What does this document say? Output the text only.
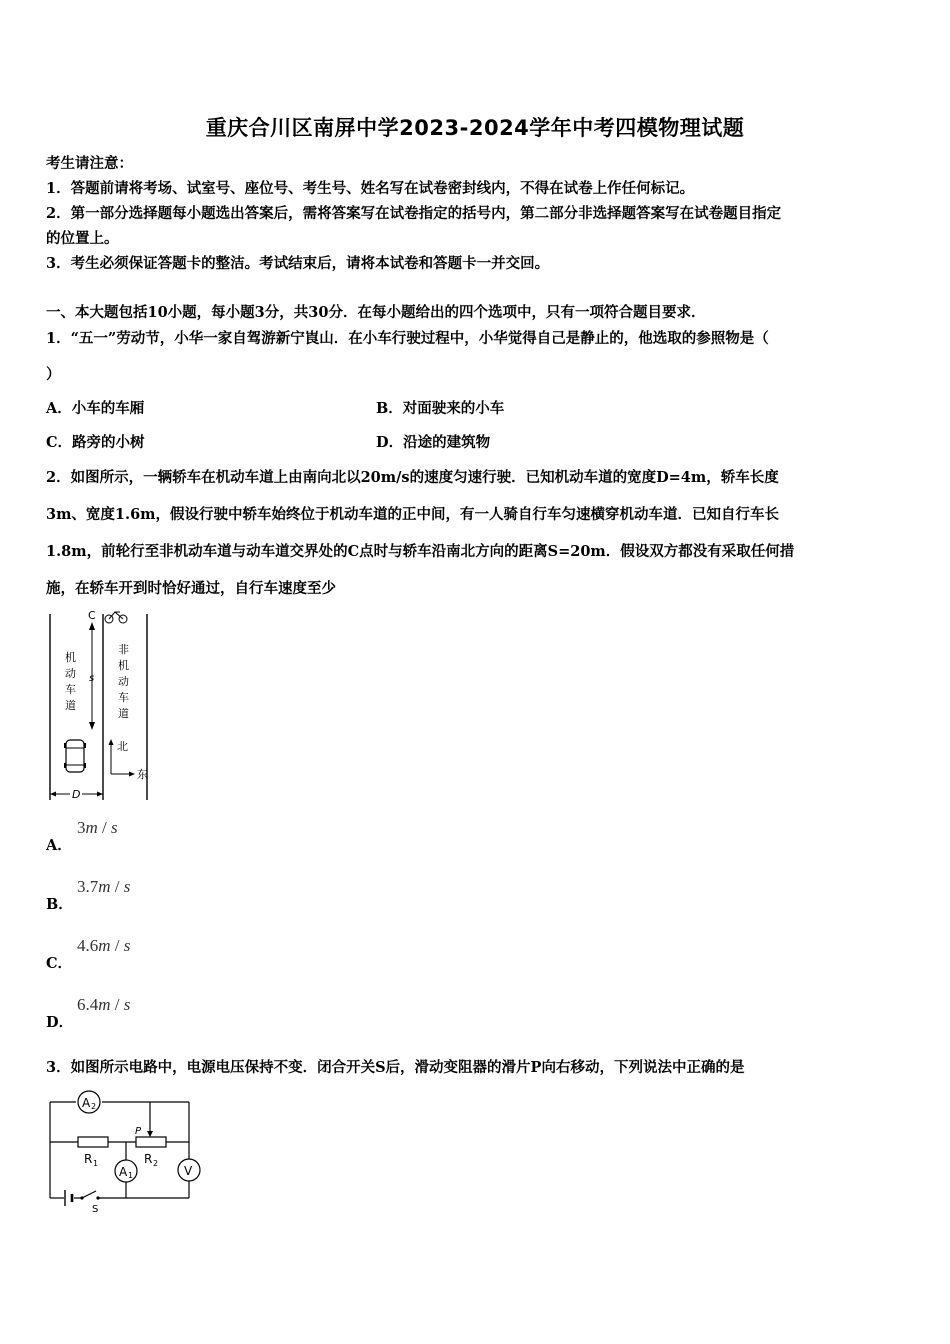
重庆合川区南屏中学2023-2024学年中考四模物理试题
考生请注意：
1．答题前请将考场、试室号、座位号、考生号、姓名写在试卷密封线内，不得在试卷上作任何标记。
2．第一部分选择题每小题选出答案后，需将答案写在试卷指定的括号内，第二部分非选择题答案写在试卷题目指定
的位置上。
3．考生必须保证答题卡的整洁。考试结束后，请将本试卷和答题卡一并交回。
一、本大题包括10小题，每小题3分，共30分．在每小题给出的四个选项中，只有一项符合题目要求．
1．“五一”劳动节，小华一家自驾游新宁崀山．在小车行驶过程中，小华觉得自己是静止的，他选取的参照物是（
）
A．小车的车厢	B．对面驶来的小车
C．路旁的小树	D．沿途的建筑物
2．如图所示，一辆轿车在机动车道上由南向北以20m/s的速度匀速行驶．已知机动车道的宽度D=4m，轿车长度
3m、宽度1.6m，假设行驶中轿车始终位于机动车道的正中间，有一人骑自行车匀速横穿机动车道．已知自行车长
1.8m，前轮行至非机动车道与动车道交界处的C点时与轿车沿南北方向的距离S=20m．假设双方都没有采取任何措
施，在轿车开到时恰好通过，自行车速度至少
C
s
机
动
车
道
非
机
动
车
道
北
东
D
A．
3m / s
B．
3.7m / s
C．
4.6m / s
D．
6.4m / s
3．如图所示电路中，电源电压保持不变．闭合开关S后，滑动变阻器的滑片P向右移动，下列说法中正确的是
A 2
R 1
P
R 2
A 1	V
S
